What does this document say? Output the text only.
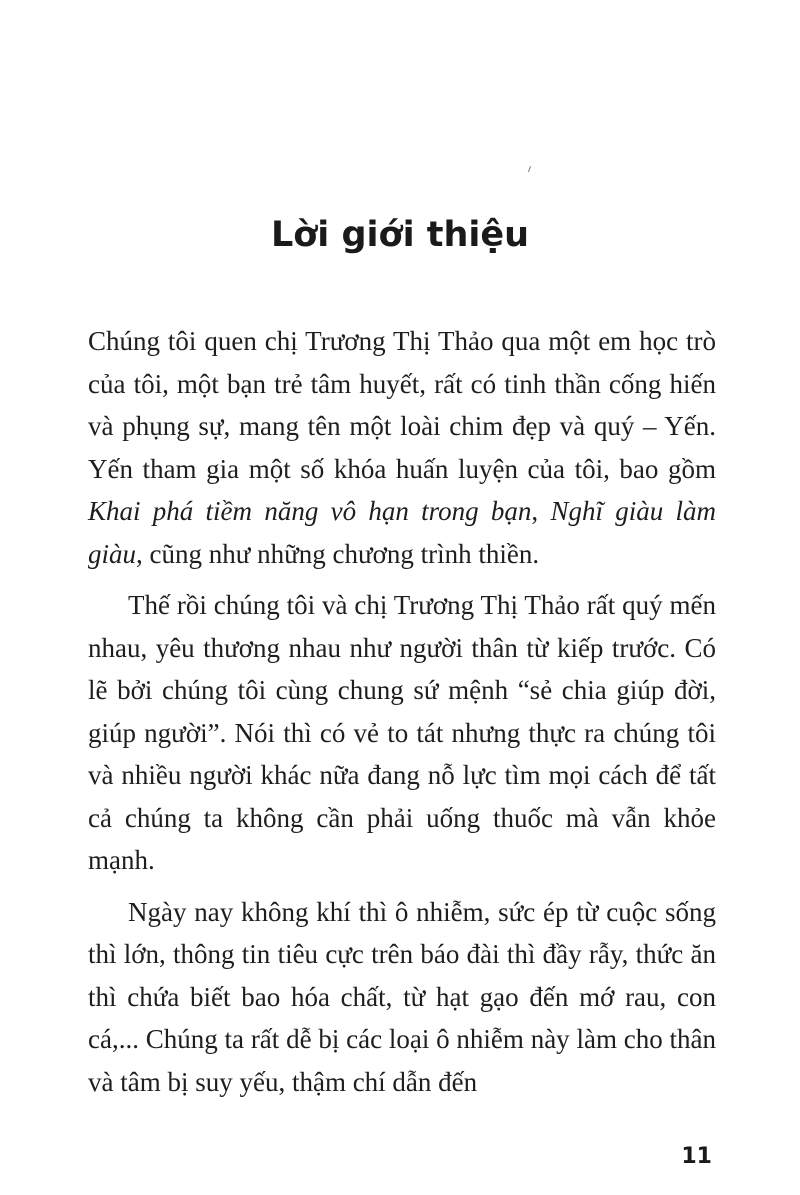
Lời giới thiệu

Chúng tôi quen chị Trương Thị Thảo qua một em học trò của tôi, một bạn trẻ tâm huyết, rất có tinh thần cống hiến và phụng sự, mang tên một loài chim đẹp và quý – Yến. Yến tham gia một số khóa huấn luyện của tôi, bao gồm Khai phá tiềm năng vô hạn trong bạn, Nghĩ giàu làm giàu, cũng như những chương trình thiền.

Thế rồi chúng tôi và chị Trương Thị Thảo rất quý mến nhau, yêu thương nhau như người thân từ kiếp trước. Có lẽ bởi chúng tôi cùng chung sứ mệnh “sẻ chia giúp đời, giúp người”. Nói thì có vẻ to tát nhưng thực ra chúng tôi và nhiều người khác nữa đang nỗ lực tìm mọi cách để tất cả chúng ta không cần phải uống thuốc mà vẫn khỏe mạnh.

Ngày nay không khí thì ô nhiễm, sức ép từ cuộc sống thì lớn, thông tin tiêu cực trên báo đài thì đầy rẫy, thức ăn thì chứa biết bao hóa chất, từ hạt gạo đến mớ rau, con cá,... Chúng ta rất dễ bị các loại ô nhiễm này làm cho thân và tâm bị suy yếu, thậm chí dẫn đến

11
